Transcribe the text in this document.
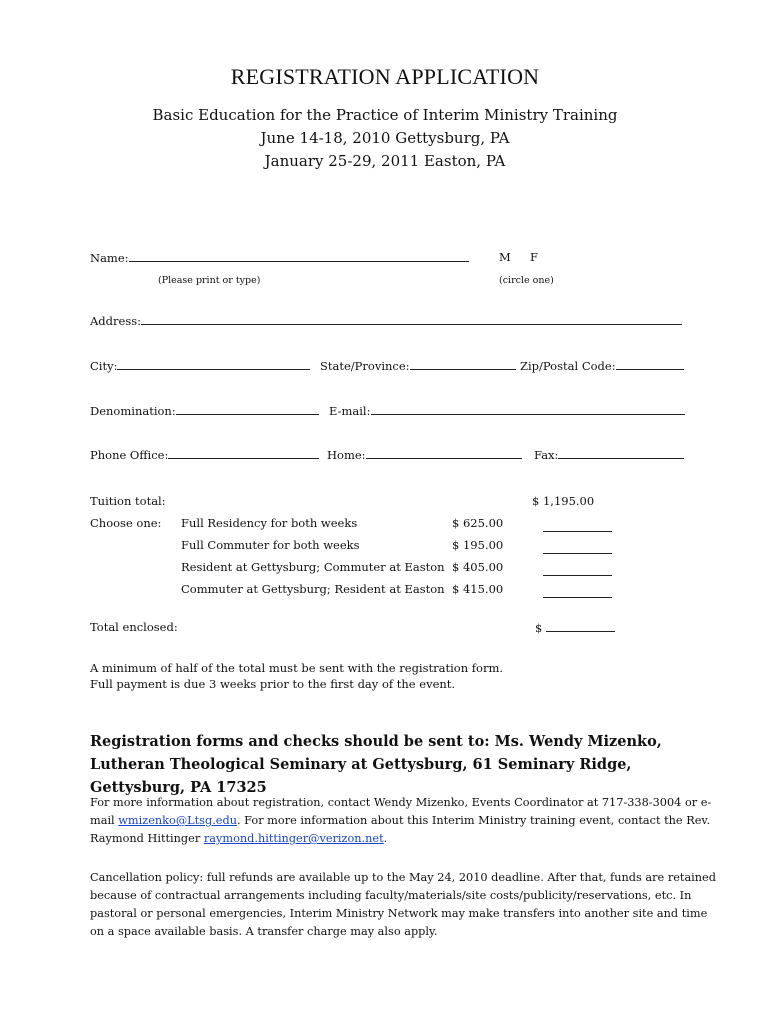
REGISTRATION APPLICATION
Basic Education for the Practice of Interim Ministry Training
June 14-18, 2010 Gettysburg, PA
January 25-29, 2011 Easton, PA
Name:	M F
(Please print or type)	(circle one)
Address:
City:	State/Province:	Zip/Postal Code:
Denomination:	E-mail:
Phone Office:	Home:	Fax:
Tuition total:	$ 1,195.00
Choose one: Full Residency for both weeks	$ 625.00
Full Commuter for both weeks	$ 195.00
Resident at Gettysburg; Commuter at Easton $ 405.00
Commuter at Gettysburg; Resident at Easton $ 415.00
Total enclosed:	$
A minimum of half of the total must be sent with the registration form.
Full payment is due 3 weeks prior to the first day of the event.
Registration forms and checks should be sent to: Ms. Wendy Mizenko, Lutheran Theological Seminary at Gettysburg, 61 Seminary Ridge, Gettysburg, PA 17325
For more information about registration, contact Wendy Mizenko, Events Coordinator at 717-338-3004 or e-mail wmizenko@Ltsg.edu. For more information about this Interim Ministry training event, contact the Rev. Raymond Hittinger raymond.hittinger@verizon.net.
Cancellation policy: full refunds are available up to the May 24, 2010 deadline. After that, funds are retained because of contractual arrangements including faculty/materials/site costs/publicity/reservations, etc. In pastoral or personal emergencies, Interim Ministry Network may make transfers into another site and time on a space available basis. A transfer charge may also apply.
